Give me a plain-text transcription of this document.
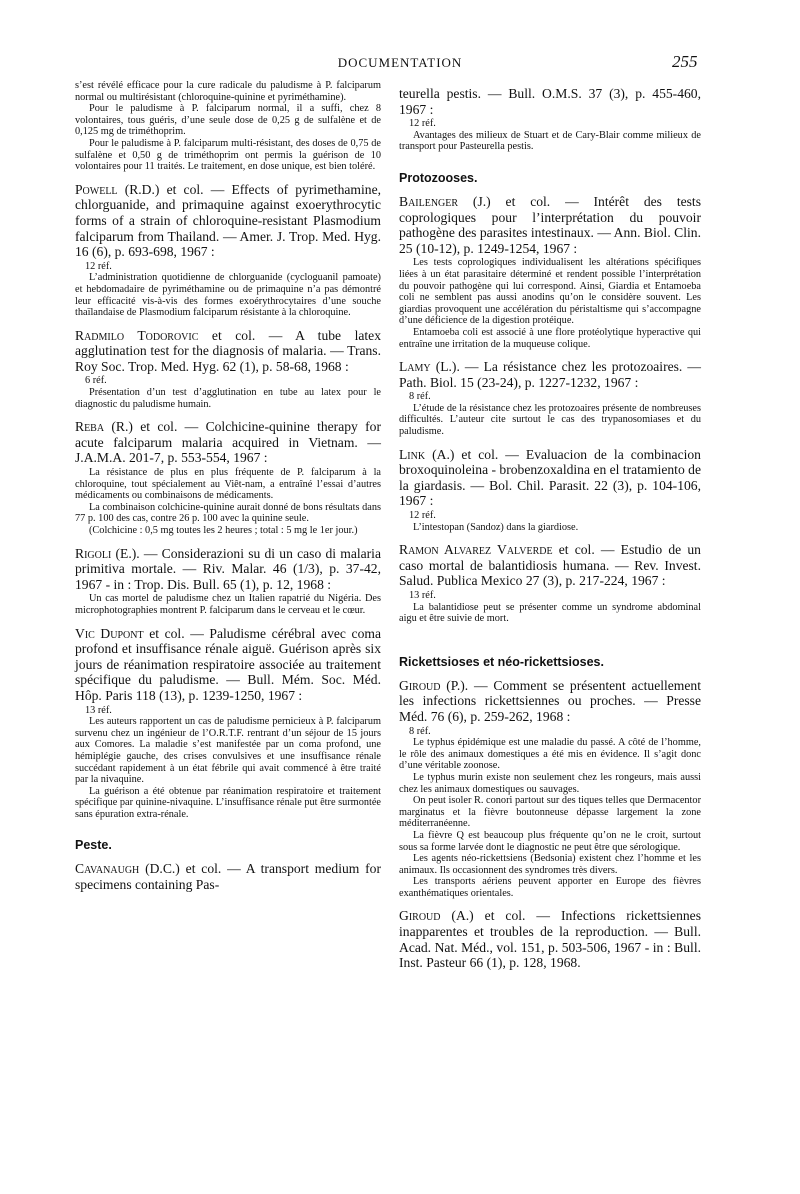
DOCUMENTATION	255

s’est révélé efficace pour la cure radicale du paludisme à P. falciparum normal ou multirésistant (chloroquine-quinine et pyriméthamine).

Pour le paludisme à P. falciparum normal, il a suffi, chez 8 volontaires, tous guéris, d’une seule dose de 0,25 g de sulfalène et de 0,125 mg de triméthoprim.

Pour le paludisme à P. falciparum multi-résistant, des doses de 0,75 de sulfalène et 0,50 g de triméthoprim ont permis la guérison de 10 volontaires pour 11 traités. Le traitement, en dose unique, est bien toléré.

Powell (R.D.) et col. — Effects of pyrimethamine, chlorguanide, and primaquine against exoerythrocytic forms of a strain of chloroquine-resistant Plasmodium falciparum from Thailand. — Amer. J. Trop. Med. Hyg. 16 (6), p. 693-698, 1967 :

12 réf.

L’administration quotidienne de chlorguanide (cycloguanil pamoate) et hebdomadaire de pyriméthamine ou de primaquine n’a pas démontré leur efficacité vis-à-vis des formes exoérythrocytaires d’une souche thaïlandaise de Plasmodium falciparum résistante à la chloroquine.

Radmilo Todorovic et col. — A tube latex agglutination test for the diagnosis of malaria. — Trans. Roy Soc. Trop. Med. Hyg. 62 (1), p. 58-68, 1968 :

6 réf.

Présentation d’un test d’agglutination en tube au latex pour le diagnostic du paludisme humain.

Reba (R.) et col. — Colchicine-quinine therapy for acute falciparum malaria acquired in Vietnam. — J.A.M.A. 201-7, p. 553-554, 1967 :

La résistance de plus en plus fréquente de P. falciparum à la chloroquine, tout spécialement au Viêt-nam, a entraîné l’essai d’autres médicaments ou combinaisons de médicaments.

La combinaison colchicine-quinine aurait donné de bons résultats dans 77 p. 100 des cas, contre 26 p. 100 avec la quinine seule.

(Colchicine : 0,5 mg toutes les 2 heures ; total : 5 mg le 1er jour.)

Rigoli (E.). — Considerazioni su di un caso di malaria primitiva mortale. — Riv. Malar. 46 (1/3), p. 37-42, 1967 - in : Trop. Dis. Bull. 65 (1), p. 12, 1968 :

Un cas mortel de paludisme chez un Italien rapatrié du Nigéria. Des microphotographies montrent P. falciparum dans le cerveau et le cœur.

Vic Dupont et col. — Paludisme cérébral avec coma profond et insuffisance rénale aiguë. Guérison après six jours de réanimation respiratoire associée au traitement spécifique du paludisme. — Bull. Mém. Soc. Méd. Hôp. Paris 118 (13), p. 1239-1250, 1967 :

13 réf.

Les auteurs rapportent un cas de paludisme pernicieux à P. falciparum survenu chez un ingénieur de l’O.R.T.F. rentrant d’un séjour de 15 jours aux Comores. La maladie s’est manifestée par un coma profond, une hémiplégie gauche, des crises convulsives et une insuffisance rénale succédant rapidement à un état fébrile qui avait commencé à être traité par la nivaquine.

La guérison a été obtenue par réanimation respiratoire et traitement spécifique par quinine-nivaquine. L’insuffisance rénale put être surmontée sans épuration extra-rénale.

Peste.

Cavanaugh (D.C.) et col. — A transport medium for specimens containing Pas-

teurella pestis. — Bull. O.M.S. 37 (3), p. 455-460, 1967 :

12 réf.

Avantages des milieux de Stuart et de Cary-Blair comme milieux de transport pour Pasteurella pestis.

Protozooses.

Bailenger (J.) et col. — Intérêt des tests coprologiques pour l’interprétation du pouvoir pathogène des parasites intestinaux. — Ann. Biol. Clin. 25 (10-12), p. 1249-1254, 1967 :

Les tests coprologiques individualisent les altérations spécifiques liées à un état parasitaire déterminé et rendent possible l’interprétation du pouvoir pathogène qui lui correspond. Ainsi, Giardia et Entamoeba coli ne semblent pas aussi anodins qu’on le considère souvent. Les giardias provoquent une accélération du péristaltisme qui s’accompagne d’une déficience de la digestion protéique.

Entamoeba coli est associé à une flore protéolytique hyperactive qui entraîne une irritation de la muqueuse colique.

Lamy (L.). — La résistance chez les protozoaires. — Path. Biol. 15 (23-24), p. 1227-1232, 1967 :

8 réf.

L’étude de la résistance chez les protozoaires présente de nombreuses difficultés. L’auteur cite surtout le cas des trypanosomiases et du paludisme.

Link (A.) et col. — Evaluacion de la combinacion broxoquinoleina - brobenzoxaldina en el tratamiento de la giardasis. — Bol. Chil. Parasit. 22 (3), p. 104-106, 1967 :

12 réf.

L’intestopan (Sandoz) dans la giardiose.

Ramon Alvarez Valverde et col. — Estudio de un caso mortal de balantidiosis humana. — Rev. Invest. Salud. Publica Mexico 27 (3), p. 217-224, 1967 :

13 réf.

La balantidiose peut se présenter comme un syndrome abdominal aigu et être suivie de mort.

Rickettsioses et néo-rickettsioses.

Giroud (P.). — Comment se présentent actuellement les infections rickettsiennes ou proches. — Presse Méd. 76 (6), p. 259-262, 1968 :

8 réf.

Le typhus épidémique est une maladie du passé. A côté de l’homme, le rôle des animaux domestiques a été mis en évidence. Il s’agit donc d’une véritable zoonose.

Le typhus murin existe non seulement chez les rongeurs, mais aussi chez les animaux domestiques ou sauvages.

On peut isoler R. conori partout sur des tiques telles que Dermacentor marginatus et la fièvre boutonneuse dépasse largement la zone méditerranéenne.

La fièvre Q est beaucoup plus fréquente qu’on ne le croit, surtout sous sa forme larvée dont le diagnostic ne peut être que sérologique.

Les agents néo-rickettsiens (Bedsonia) existent chez l’homme et les animaux. Ils occasionnent des syndromes très divers.

Les transports aériens peuvent apporter en Europe des fièvres exanthématiques orientales.

Giroud (A.) et col. — Infections rickettsiennes inapparentes et troubles de la reproduction. — Bull. Acad. Nat. Méd., vol. 151, p. 503-506, 1967 - in : Bull. Inst. Pasteur 66 (1), p. 128, 1968.
